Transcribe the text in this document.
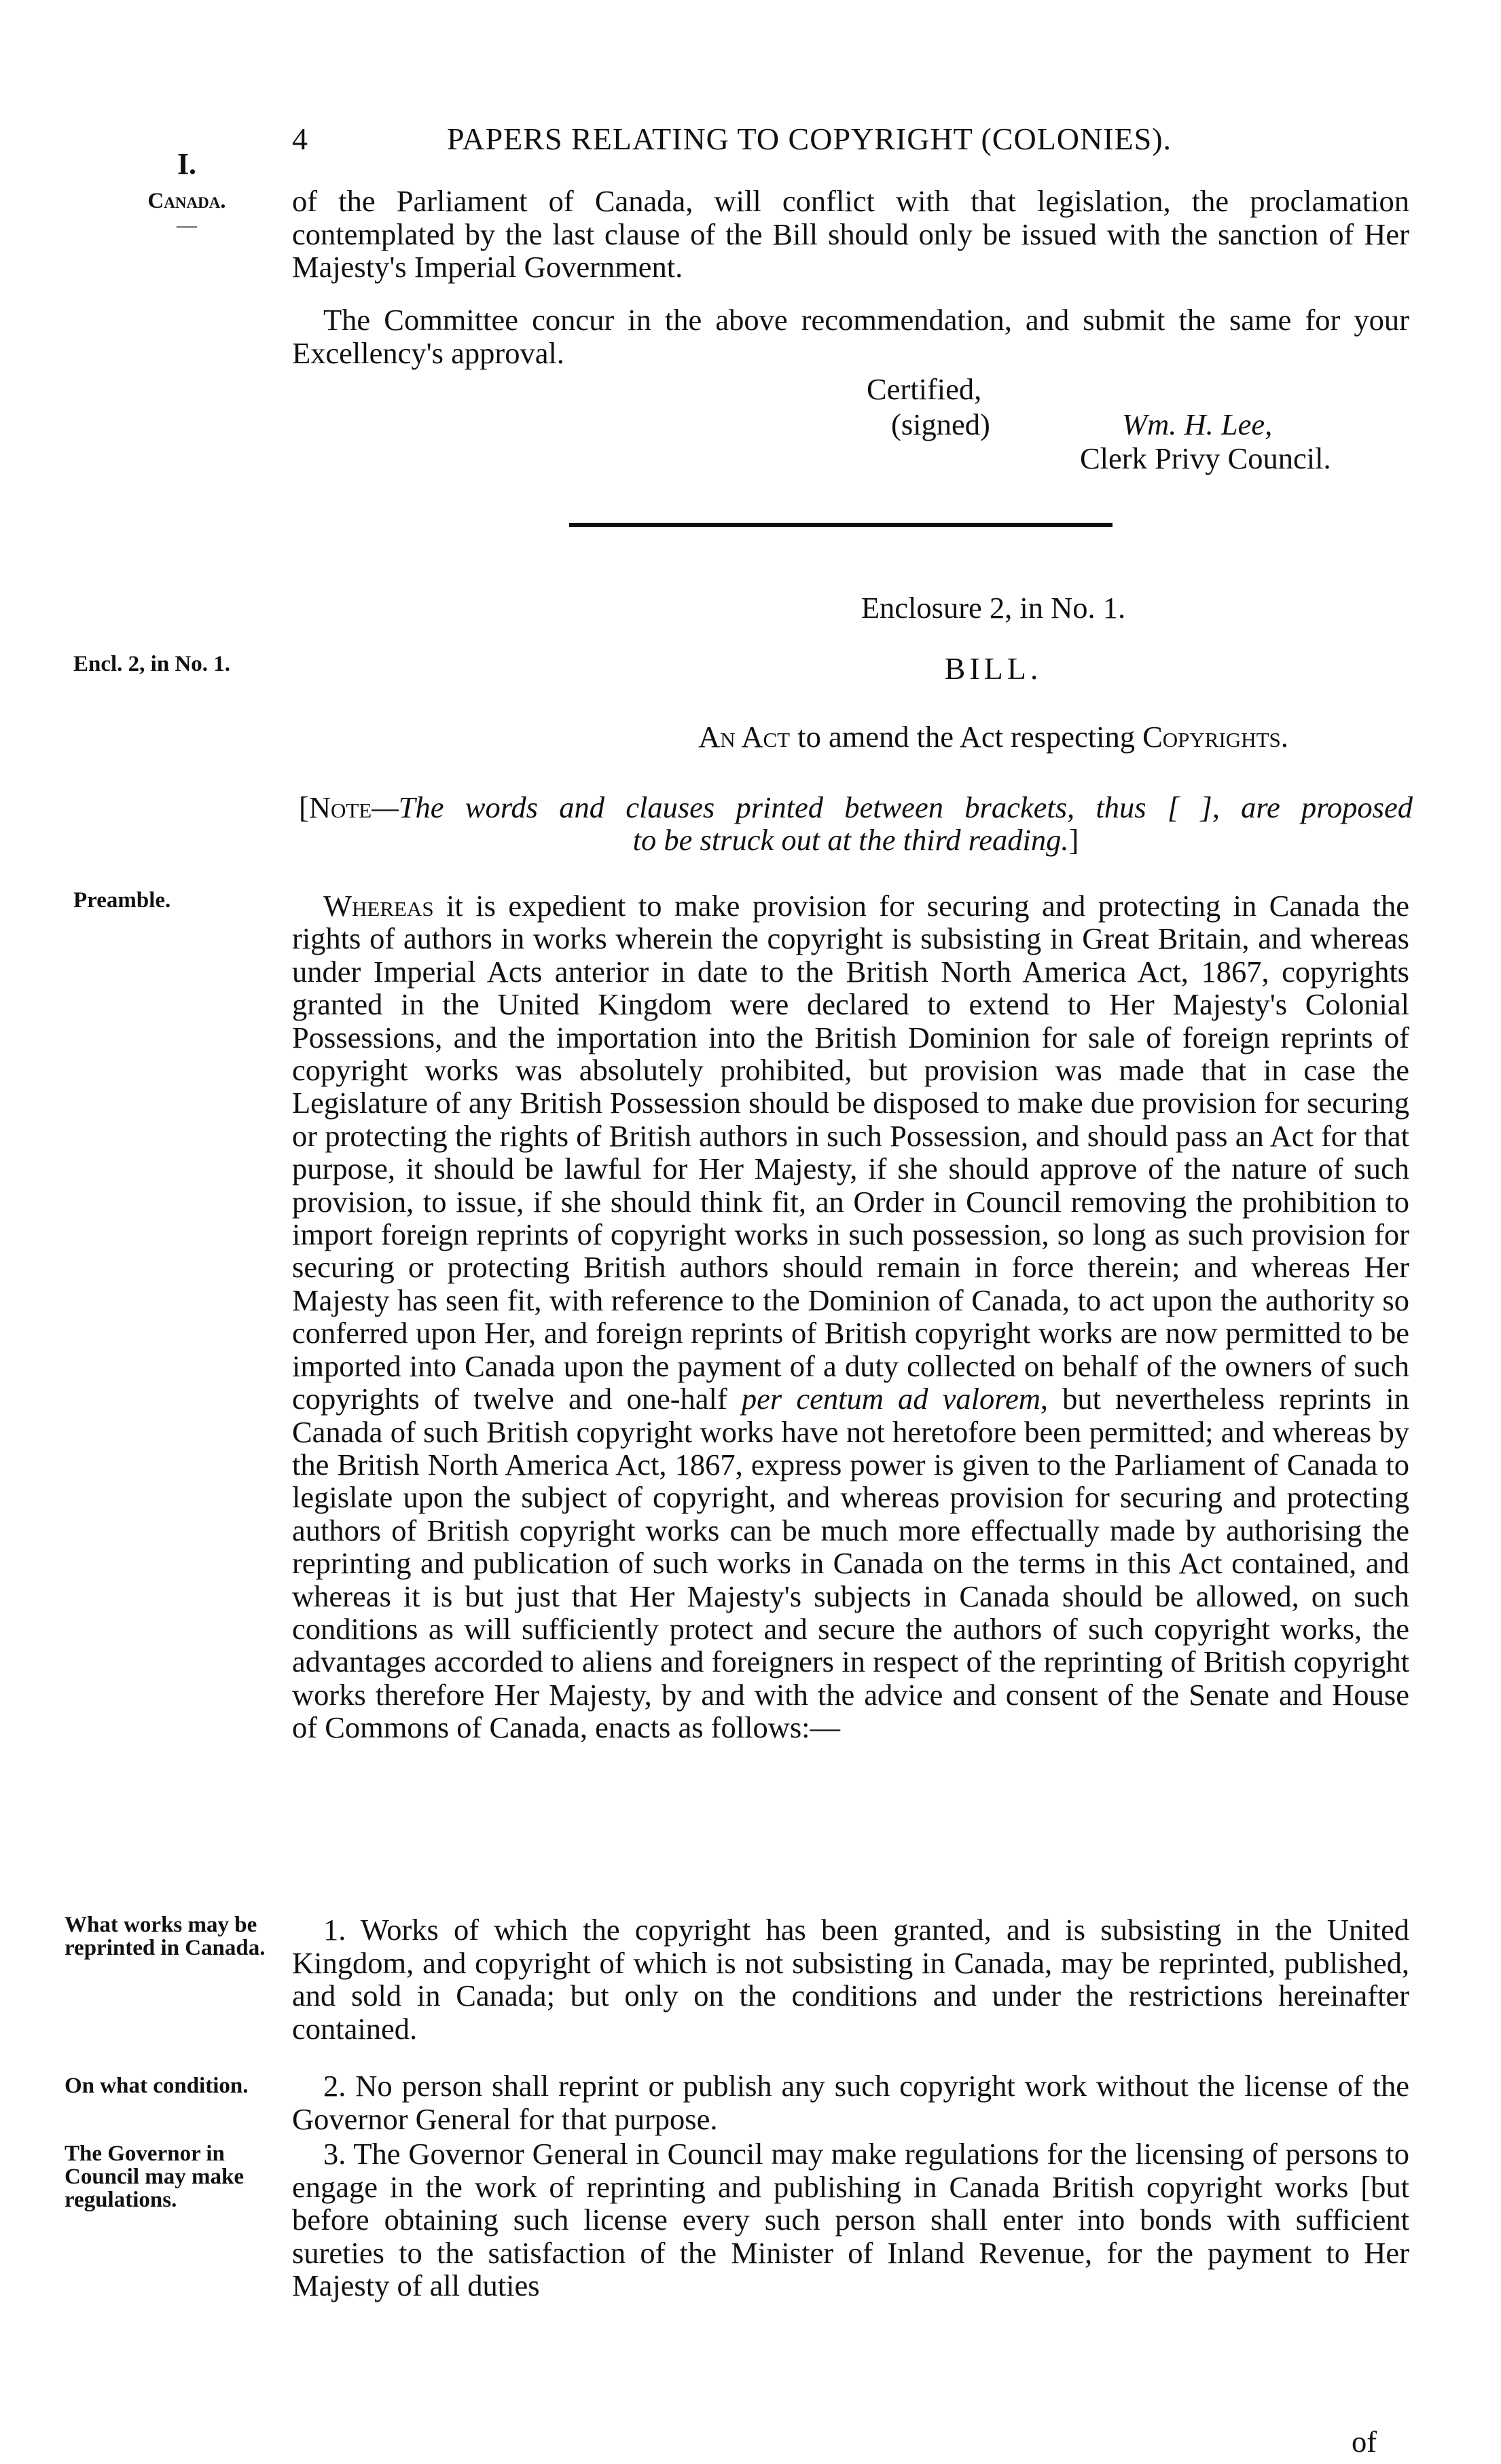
4	PAPERS RELATING TO COPYRIGHT (COLONIES).
I.
Canada.
—
Encl. 2, in No. 1.
Preamble.
What works may be
reprinted in Canada.
On what condition.
The Governor in
Council may make
regulations.

of the Parliament of Canada, will conflict with that legislation, the proclamation contemplated by the last clause of the Bill should only be issued with the sanction of Her Majesty's Imperial Government.

The Committee concur in the above recommendation, and submit the same for your Excellency's approval.

Certified,
(signed)	Wm. H. Lee,
Clerk Privy Council.

Enclosure 2, in No. 1.

BILL.

An Act to amend the Act respecting Copyrights.

[Note—The words and clauses printed between brackets, thus [ ], are proposed
to be struck out at the third reading.]

Whereas it is expedient to make provision for securing and protecting in Canada the rights of authors in works wherein the copyright is subsisting in Great Britain, and whereas under Imperial Acts anterior in date to the British North America Act, 1867, copyrights granted in the United Kingdom were declared to extend to Her Majesty's Colonial Possessions, and the importation into the British Dominion for sale of foreign reprints of copyright works was absolutely prohibited, but provision was made that in case the Legislature of any British Possession should be disposed to make due provision for securing or protecting the rights of British authors in such Possession, and should pass an Act for that purpose, it should be lawful for Her Majesty, if she should approve of the nature of such provision, to issue, if she should think fit, an Order in Council removing the prohibition to import foreign reprints of copyright works in such possession, so long as such provision for securing or protecting British authors should remain in force therein; and whereas Her Majesty has seen fit, with reference to the Dominion of Canada, to act upon the authority so conferred upon Her, and foreign reprints of British copyright works are now permitted to be imported into Canada upon the payment of a duty collected on behalf of the owners of such copyrights of twelve and one-half per centum ad valorem, but nevertheless reprints in Canada of such British copyright works have not heretofore been permitted; and whereas by the British North America Act, 1867, express power is given to the Parliament of Canada to legislate upon the subject of copyright, and whereas provision for securing and protecting authors of British copyright works can be much more effectually made by authorising the reprinting and publication of such works in Canada on the terms in this Act contained, and whereas it is but just that Her Majesty's subjects in Canada should be allowed, on such conditions as will sufficiently protect and secure the authors of such copyright works, the advantages accorded to aliens and foreigners in respect of the reprinting of British copyright works therefore Her Majesty, by and with the advice and consent of the Senate and House of Commons of Canada, enacts as follows:—

1. Works of which the copyright has been granted, and is subsisting in the United Kingdom, and copyright of which is not subsisting in Canada, may be reprinted, published, and sold in Canada; but only on the conditions and under the restrictions hereinafter contained.

2. No person shall reprint or publish any such copyright work without the license of the Governor General for that purpose.

3. The Governor General in Council may make regulations for the licensing of persons to engage in the work of reprinting and publishing in Canada British copyright works [but before obtaining such license every such person shall enter into bonds with sufficient sureties to the satisfaction of the Minister of Inland Revenue, for the payment to Her Majesty of all duties

of
